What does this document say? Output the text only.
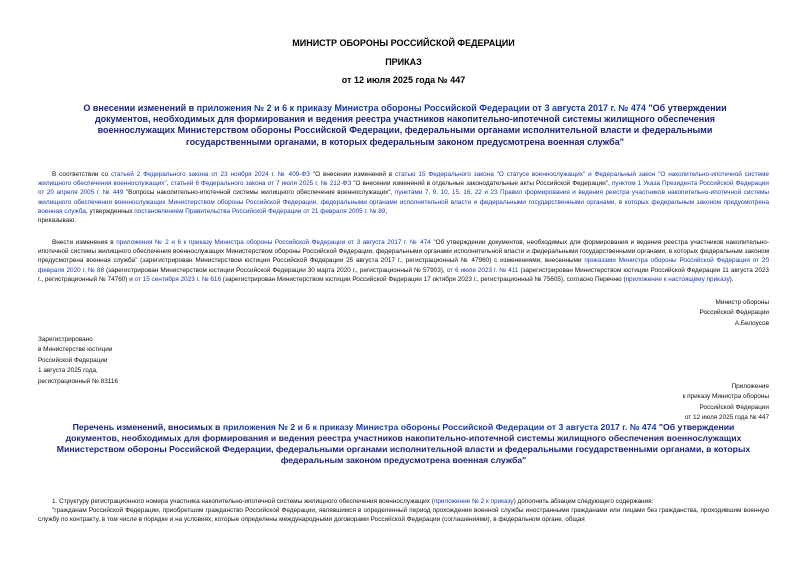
МИНИСТР ОБОРОНЫ РОССИЙСКОЙ ФЕДЕРАЦИИ
ПРИКАЗ
от 12 июля 2025 года № 447
О внесении изменений в приложения № 2 и 6 к приказу Министра обороны Российской Федерации от 3 августа 2017 г. № 474 "Об утверждении документов, необходимых для формирования и ведения реестра участников накопительно-ипотечной системы жилищного обеспечения военнослужащих Министерством обороны Российской Федерации, федеральными органами исполнительной власти и федеральными государственными органами, в которых федеральным законом предусмотрена военная служба"
В соответствии со статьей 2 Федерального закона от 23 ноября 2024 г. № 409-ФЗ "О внесении изменений в статью 15 Федерального закона "О статусе военнослужащих" и Федеральный закон "О накопительно-ипотечной системе жилищного обеспечения военнослужащих", статьей 6 Федерального закона от 7 июля 2025 г. № 212-ФЗ "О внесении изменений в отдельные законодательные акты Российской Федерации", пунктом 1 Указа Президента Российской Федерации от 20 апреля 2005 г. № 449 "Вопросы накопительно-ипотечной системы жилищного обеспечения военнослужащих", пунктами 7, 9, 10, 15, 16, 22 и 23 Правил формирования и ведения реестра участников накопительно-ипотечной системы жилищного обеспечения военнослужащих Министерством обороны Российской Федерации, федеральными органами исполнительной власти и федеральными государственными органами, в которых федеральным законом предусмотрена военная служба, утвержденных постановлением Правительства Российской Федерации от 21 февраля 2005 г. № 89,
приказываю:
Внести изменения в приложения № 2 и 6 к приказу Министра обороны Российской Федерации от 3 августа 2017 г. № 474 "Об утверждении документов, необходимых для формирования и ведения реестра участников накопительно-ипотечной системы жилищного обеспечения военнослужащих Министерством обороны Российской Федерации, федеральными органами исполнительной власти и федеральными государственными органами, в которых федеральным законом предусмотрена военная служба" (зарегистрирован Министерством юстиции Российской Федерации 25 августа 2017 г., регистрационный № 47960) с изменениями, внесенными приказами Министра обороны Российской Федерации от 20 февраля 2020 г. № 88 (зарегистрирован Министерством юстиции Российской Федерации 30 марта 2020 г., регистрационный № 57903), от 6 июля 2023 г. № 411 (зарегистрирован Министерством юстиции Российской Федерации 11 августа 2023 г., регистрационный № 74760) и от 15 сентября 2023 г. № 616 (зарегистрирован Министерством юстиции Российской Федерации 17 октября 2023 г., регистрационный № 75605), согласно Перечню (приложение к настоящему приказу).
Министр обороны
Российской Федерации
А.Белоусов
Зарегистрировано
в Министерстве юстиции
Российской Федерации
1 августа 2025 года,
регистрационный № 83116
Приложение
к приказу Министра обороны
Российской Федерации
от 12 июля 2025 года № 447
Перечень изменений, вносимых в приложения № 2 и 6 к приказу Министра обороны Российской Федерации от 3 августа 2017 г. № 474 "Об утверждении документов, необходимых для формирования и ведения реестра участников накопительно-ипотечной системы жилищного обеспечения военнослужащих Министерством обороны Российской Федерации, федеральными органами исполнительной власти и федеральными государственными органами, в которых федеральным законом предусмотрена военная служба"
1. Структуру регистрационного номера участника накопительно-ипотечной системы жилищного обеспечения военнослужащих (приложение № 2 к приказу) дополнить абзацем следующего содержания:
"гражданам Российской Федерации, приобретшим гражданство Российской Федерации, являвшимся в определенный период прохождения военной службы иностранными гражданами или лицами без гражданства, проходившим военную службу по контракту, в том числе в порядке и на условиях, которые определены международными договорами Российской Федерации (соглашениями), в федеральном органе, общая
